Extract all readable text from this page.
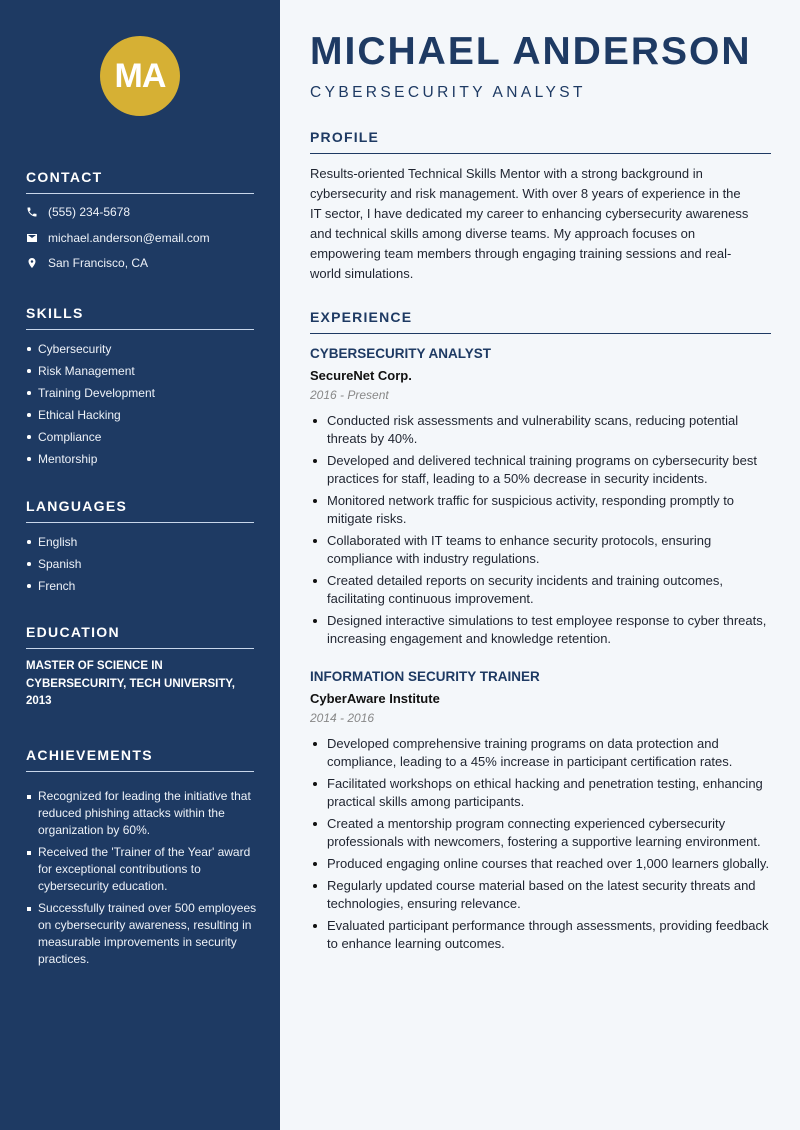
MA
CONTACT
(555) 234-5678
michael.anderson@email.com
San Francisco, CA
SKILLS
Cybersecurity
Risk Management
Training Development
Ethical Hacking
Compliance
Mentorship
LANGUAGES
English
Spanish
French
EDUCATION
MASTER OF SCIENCE IN CYBERSECURITY, TECH UNIVERSITY, 2013
ACHIEVEMENTS
Recognized for leading the initiative that reduced phishing attacks within the organization by 60%.
Received the 'Trainer of the Year' award for exceptional contributions to cybersecurity education.
Successfully trained over 500 employees on cybersecurity awareness, resulting in measurable improvements in security practices.
MICHAEL ANDERSON
CYBERSECURITY ANALYST
PROFILE
Results-oriented Technical Skills Mentor with a strong background in cybersecurity and risk management. With over 8 years of experience in the IT sector, I have dedicated my career to enhancing cybersecurity awareness and technical skills among diverse teams. My approach focuses on empowering team members through engaging training sessions and real-world simulations.
EXPERIENCE
CYBERSECURITY ANALYST
SecureNet Corp.
2016 - Present
Conducted risk assessments and vulnerability scans, reducing potential threats by 40%.
Developed and delivered technical training programs on cybersecurity best practices for staff, leading to a 50% decrease in security incidents.
Monitored network traffic for suspicious activity, responding promptly to mitigate risks.
Collaborated with IT teams to enhance security protocols, ensuring compliance with industry regulations.
Created detailed reports on security incidents and training outcomes, facilitating continuous improvement.
Designed interactive simulations to test employee response to cyber threats, increasing engagement and knowledge retention.
INFORMATION SECURITY TRAINER
CyberAware Institute
2014 - 2016
Developed comprehensive training programs on data protection and compliance, leading to a 45% increase in participant certification rates.
Facilitated workshops on ethical hacking and penetration testing, enhancing practical skills among participants.
Created a mentorship program connecting experienced cybersecurity professionals with newcomers, fostering a supportive learning environment.
Produced engaging online courses that reached over 1,000 learners globally.
Regularly updated course material based on the latest security threats and technologies, ensuring relevance.
Evaluated participant performance through assessments, providing feedback to enhance learning outcomes.
